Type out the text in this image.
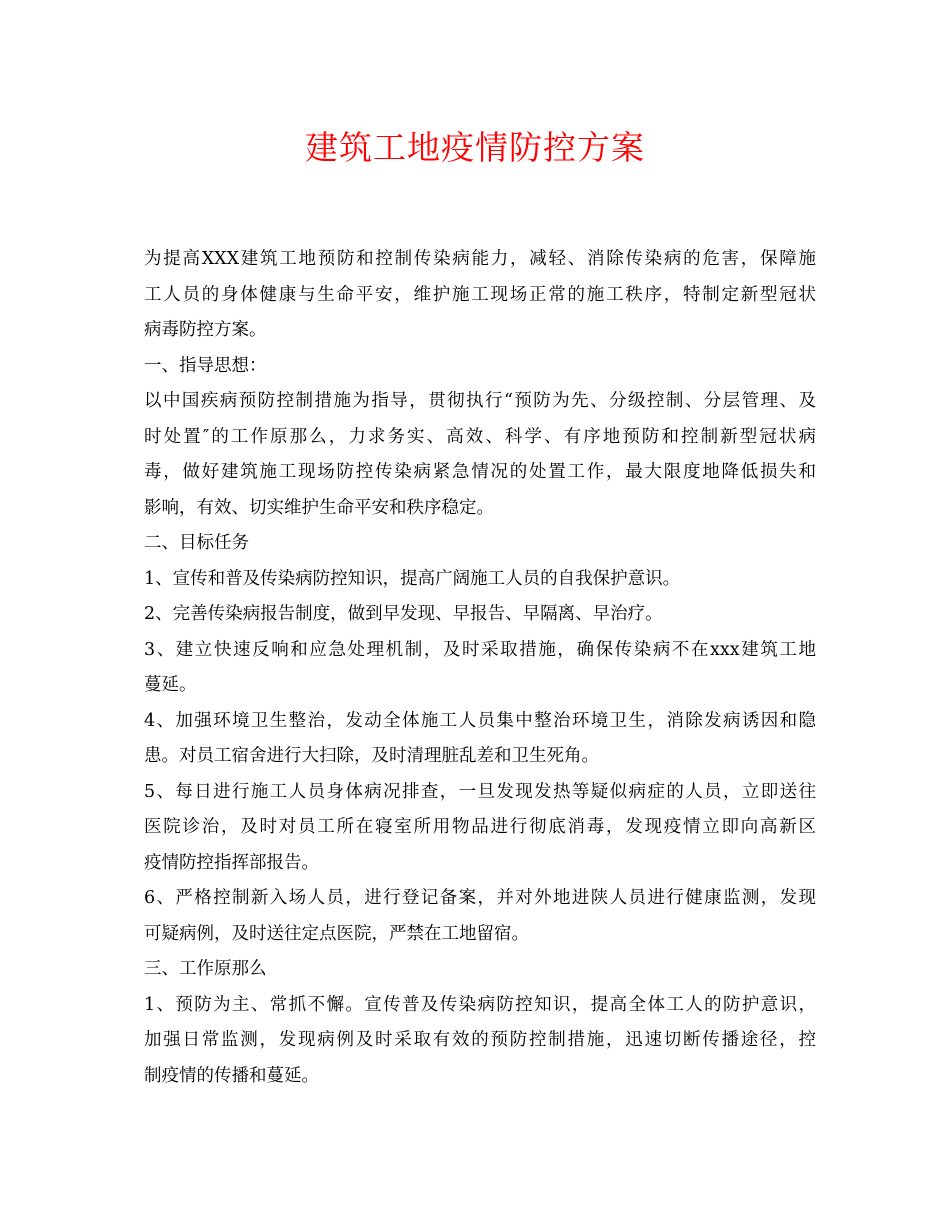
建筑工地疫情防控方案
为提高XXX建筑工地预防和控制传染病能力，减轻、消除传染病的危害，保障施
工人员的身体健康与生命平安，维护施工现场正常的施工秩序，特制定新型冠状
病毒防控方案。
一、指导思想：
以中国疾病预防控制措施为指导，贯彻执行“预防为先、分级控制、分层管理、及
时处置″的工作原那么，力求务实、高效、科学、有序地预防和控制新型冠状病
毒，做好建筑施工现场防控传染病紧急情况的处置工作，最大限度地降低损失和
影响，有效、切实维护生命平安和秩序稳定。
二、目标任务
1、宣传和普及传染病防控知识，提高广阔施工人员的自我保护意识。
2、完善传染病报告制度，做到早发现、早报告、早隔离、早治疗。
3、建立快速反响和应急处理机制，及时采取措施，确保传染病不在xxx建筑工地
蔓延。
4、加强环境卫生整治，发动全体施工人员集中整治环境卫生，消除发病诱因和隐
患。对员工宿舍进行大扫除，及时清理脏乱差和卫生死角。
5、每日进行施工人员身体病况排查，一旦发现发热等疑似病症的人员，立即送往
医院诊治，及时对员工所在寝室所用物品进行彻底消毒，发现疫情立即向高新区
疫情防控指挥部报告。
6、严格控制新入场人员，进行登记备案，并对外地进陕人员进行健康监测，发现
可疑病例，及时送往定点医院，严禁在工地留宿。
三、工作原那么
1、预防为主、常抓不懈。宣传普及传染病防控知识，提高全体工人的防护意识，
加强日常监测，发现病例及时采取有效的预防控制措施，迅速切断传播途径，控
制疫情的传播和蔓延。
